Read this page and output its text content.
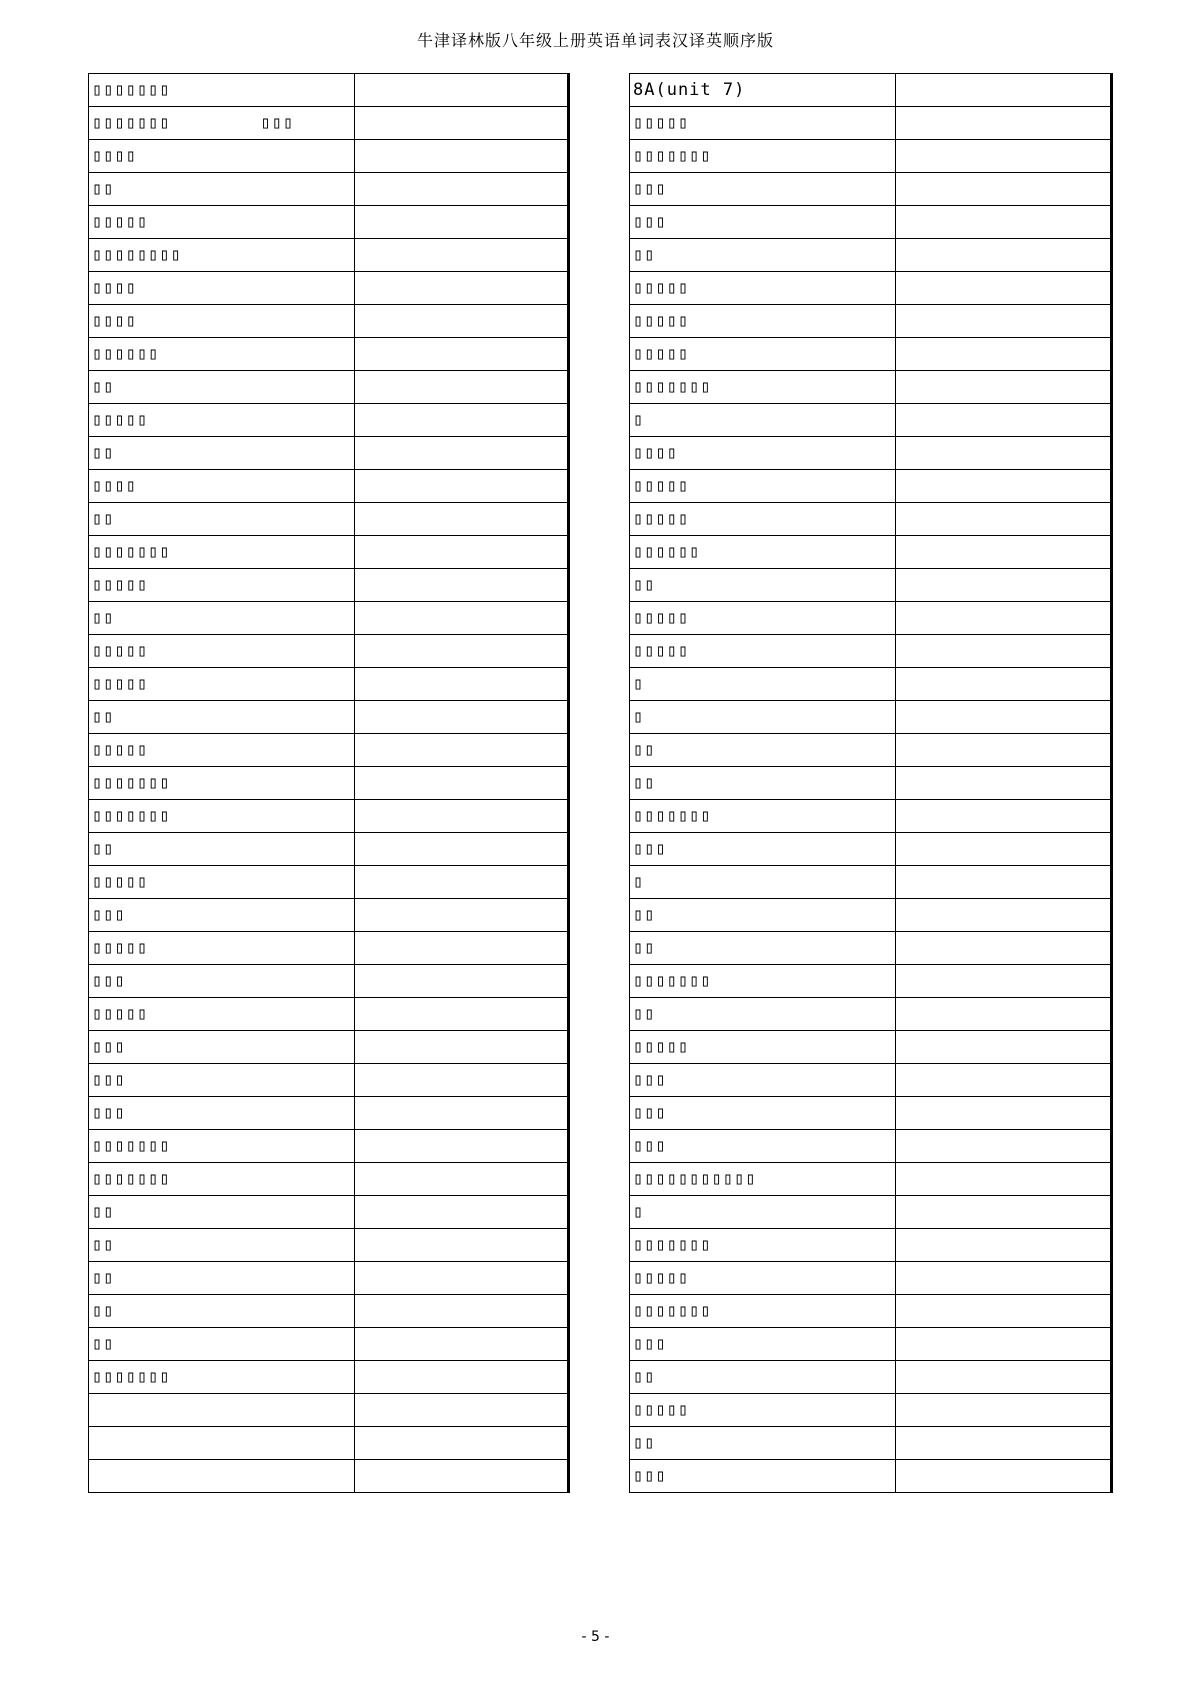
牛津译林版八年级上册英语单词表汉译英顺序版
▯▯▯▯▯▯▯	
▯▯▯▯▯▯▯        ▯▯▯	
▯▯▯▯	
▯▯	
▯▯▯▯▯	
▯▯▯▯▯▯▯▯	
▯▯▯▯	
▯▯▯▯	
▯▯▯▯▯▯	
▯▯	
▯▯▯▯▯	
▯▯	
▯▯▯▯	
▯▯	
▯▯▯▯▯▯▯	
▯▯▯▯▯	
▯▯	
▯▯▯▯▯	
▯▯▯▯▯	
▯▯	
▯▯▯▯▯	
▯▯▯▯▯▯▯	
▯▯▯▯▯▯▯	
▯▯	
▯▯▯▯▯	
▯▯▯	
▯▯▯▯▯	
▯▯▯	
▯▯▯▯▯	
▯▯▯	
▯▯▯	
▯▯▯	
▯▯▯▯▯▯▯	
▯▯▯▯▯▯▯	
▯▯	
▯▯	
▯▯	
▯▯	
▯▯	
▯▯▯▯▯▯▯	

8A(unit 7)	
▯▯▯▯▯	
▯▯▯▯▯▯▯	
▯▯▯	
▯▯▯	
▯▯	
▯▯▯▯▯	
▯▯▯▯▯	
▯▯▯▯▯	
▯▯▯▯▯▯▯	
▯	
▯▯▯▯	
▯▯▯▯▯	
▯▯▯▯▯	
▯▯▯▯▯▯	
▯▯	
▯▯▯▯▯	
▯▯▯▯▯	
▯	
▯	
▯▯	
▯▯	
▯▯▯▯▯▯▯	
▯▯▯	
▯	
▯▯	
▯▯	
▯▯▯▯▯▯▯	
▯▯	
▯▯▯▯▯	
▯▯▯	
▯▯▯	
▯▯▯	
▯▯▯▯▯▯▯▯▯▯▯	
▯	
▯▯▯▯▯▯▯	
▯▯▯▯▯	
▯▯▯▯▯▯▯	
▯▯▯	
▯▯	
▯▯▯▯▯	
▯▯	
▯▯▯	
- 5 -
